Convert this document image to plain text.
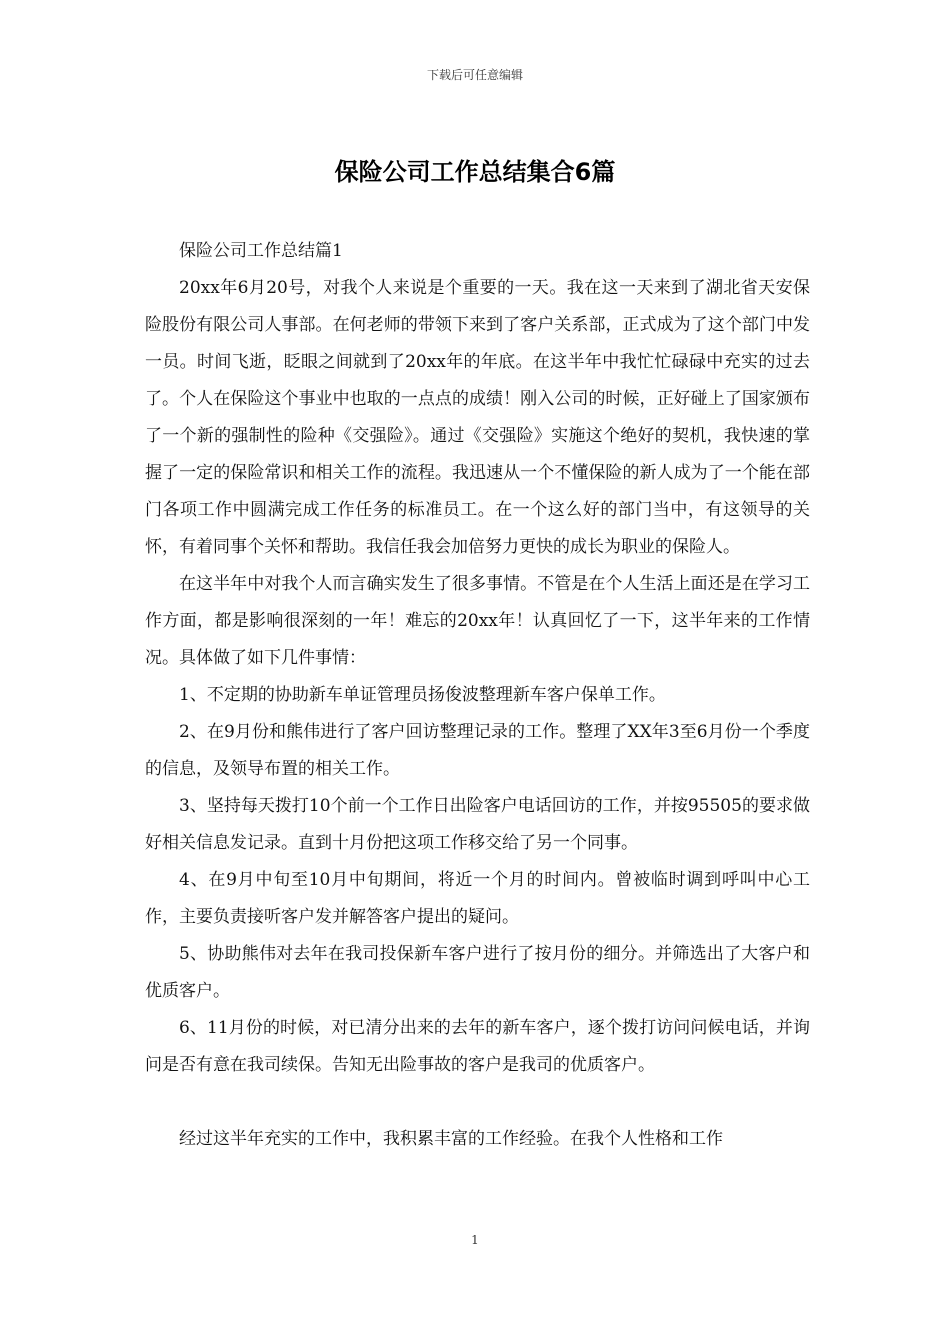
下载后可任意编辑
保险公司工作总结集合6篇

保险公司工作总结篇1

20xx年6月20号，对我个人来说是个重要的一天。我在这一天来到了湖北省天安保险股份有限公司人事部。在何老师的带领下来到了客户关系部，正式成为了这个部门中发一员。时间飞逝，眨眼之间就到了20xx年的年底。在这半年中我忙忙碌碌中充实的过去了。个人在保险这个事业中也取的一点点的成绩！刚入公司的时候，正好碰上了国家颁布了一个新的强制性的险种《交强险》。通过《交强险》实施这个绝好的契机，我快速的掌握了一定的保险常识和相关工作的流程。我迅速从一个不懂保险的新人成为了一个能在部门各项工作中圆满完成工作任务的标准员工。在一个这么好的部门当中，有这领导的关怀，有着同事个关怀和帮助。我信任我会加倍努力更快的成长为职业的保险人。

在这半年中对我个人而言确实发生了很多事情。不管是在个人生活上面还是在学习工作方面，都是影响很深刻的一年！难忘的20xx年！认真回忆了一下，这半年来的工作情况。具体做了如下几件事情：

1、不定期的协助新车单证管理员扬俊波整理新车客户保单工作。

2、在9月份和熊伟进行了客户回访整理记录的工作。整理了XX年3至6月份一个季度的信息，及领导布置的相关工作。

3、坚持每天拨打10个前一个工作日出险客户电话回访的工作，并按95505的要求做好相关信息发记录。直到十月份把这项工作移交给了另一个同事。

4、在9月中旬至10月中旬期间，将近一个月的时间内。曾被临时调到呼叫中心工作，主要负责接听客户发并解答客户提出的疑问。

5、协助熊伟对去年在我司投保新车客户进行了按月份的细分。并筛选出了大客户和优质客户。

6、11月份的时候，对已清分出来的去年的新车客户，逐个拨打访问问候电话，并询问是否有意在我司续保。告知无出险事故的客户是我司的优质客户。

经过这半年充实的工作中，我积累丰富的工作经验。在我个人性格和工作

1
